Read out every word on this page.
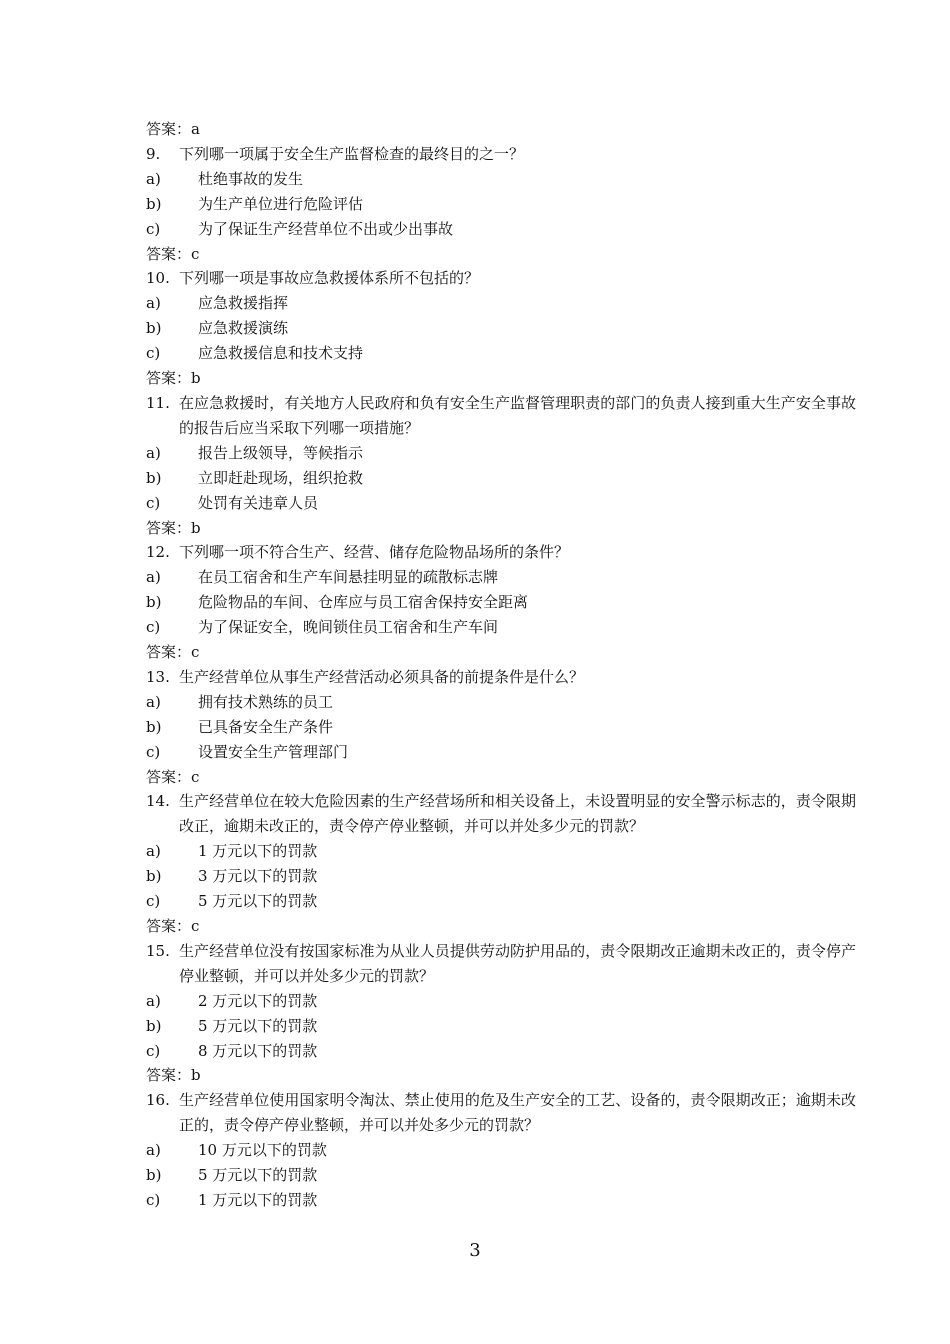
答案：a
9.	下列哪一项属于安全生产监督检查的最终目的之一？
a) 杜绝事故的发生
b) 为生产单位进行危险评估
c)	为了保证生产经营单位不出或少出事故
答案：c
10. 下列哪一项是事故应急救援体系所不包括的？
a) 应急救援指挥
b) 应急救援演练
c)	应急救援信息和技术支持
答案：b
11. 在应急救援时，有关地方人民政府和负有安全生产监督管理职责的部门的负责人接到重大生产安全事故的报告后应当采取下列哪一项措施？
a) 报告上级领导，等候指示
b) 立即赶赴现场，组织抢救
c)	处罚有关违章人员
答案：b
12. 下列哪一项不符合生产、经营、储存危险物品场所的条件？
a) 在员工宿舍和生产车间悬挂明显的疏散标志牌
b) 危险物品的车间、仓库应与员工宿舍保持安全距离
c)	为了保证安全，晚间锁住员工宿舍和生产车间
答案：c
13. 生产经营单位从事生产经营活动必须具备的前提条件是什么？
a) 拥有技术熟练的员工
b) 已具备安全生产条件
c)	设置安全生产管理部门
答案：c
14. 生产经营单位在较大危险因素的生产经营场所和相关设备上，未设置明显的安全警示标志的，责令限期改正，逾期未改正的，责令停产停业整顿，并可以并处多少元的罚款？
a) 1 万元以下的罚款
b) 3 万元以下的罚款
c)	5 万元以下的罚款
答案：c
15. 生产经营单位没有按国家标准为从业人员提供劳动防护用品的，责令限期改正逾期未改正的，责令停产停业整顿，并可以并处多少元的罚款？
a) 2 万元以下的罚款
b) 5 万元以下的罚款
c)	8 万元以下的罚款
答案：b
16. 生产经营单位使用国家明令淘汰、禁止使用的危及生产安全的工艺、设备的，责令限期改正；逾期未改正的，责令停产停业整顿，并可以并处多少元的罚款？
a) 10 万元以下的罚款
b) 5 万元以下的罚款
c)	1 万元以下的罚款
3
